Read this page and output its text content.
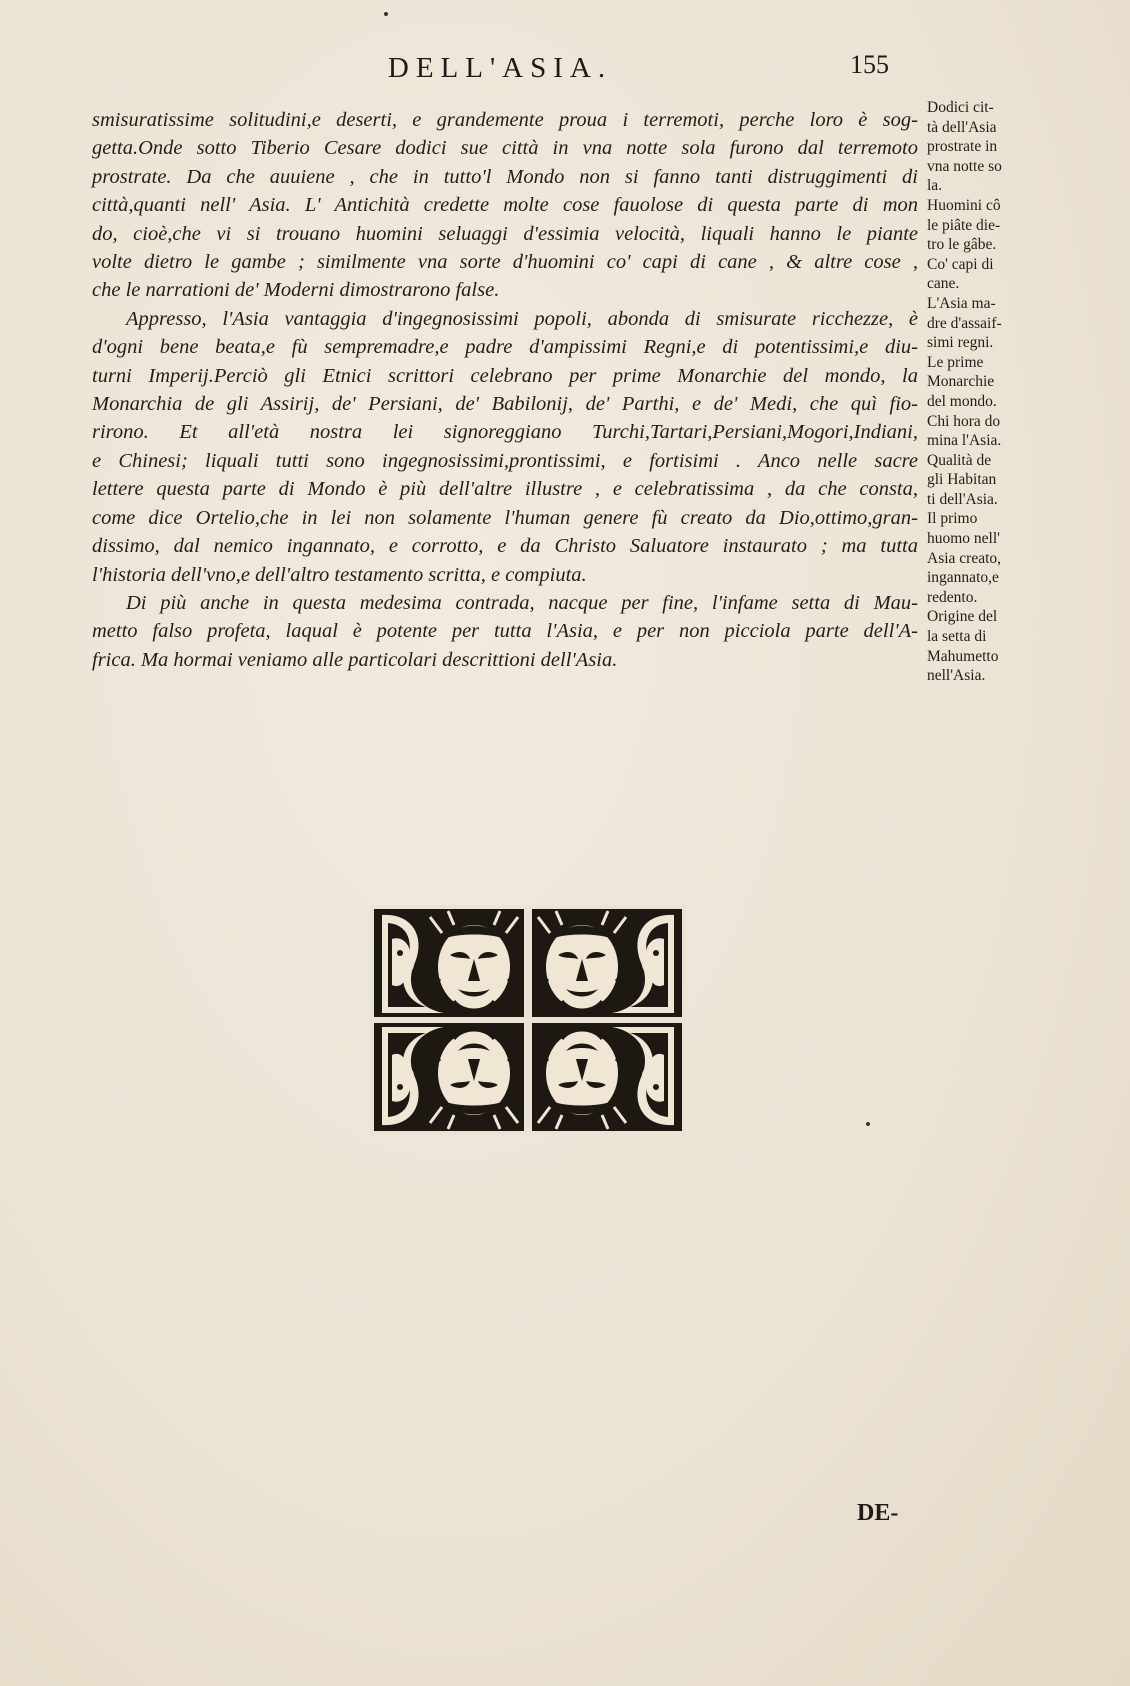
DELL'ASIA.	155

smisuratissime solitudini,e deserti, e grandemente proua i terremoti, perche loro è sog-
getta.Onde sotto Tiberio Cesare dodici sue città in vna notte sola furono dal terremoto
prostrate. Da che auuiene , che in tutto'l Mondo non si fanno tanti distruggimenti di
città,quanti nell' Asia. L' Antichità credette molte cose fauolose di questa parte di mon
do, cioè,che vi si trouano huomini seluaggi d'essimia velocità, liquali hanno le piante
volte dietro le gambe ; similmente vna sorte d'huomini co' capi di cane , & altre cose ,
che le narrationi de' Moderni dimostrarono false.

Appresso, l'Asia vantaggia d'ingegnosissimi popoli, abonda di smisurate ricchezze, è
d'ogni bene beata,e fù sempremadre,e padre d'ampissimi Regni,e di potentissimi,e diu-
turni Imperij.Perciò gli Etnici scrittori celebrano per prime Monarchie del mondo, la
Monarchia de gli Assirij, de' Persiani, de' Babilonij, de' Parthi, e de' Medi, che quì fio-
rirono. Et all'età nostra lei signoreggiano Turchi,Tartari,Persiani,Mogori,Indiani,
e Chinesi; liquali tutti sono ingegnosissimi,prontissimi, e fortisimi . Anco nelle sacre
lettere questa parte di Mondo è più dell'altre illustre , e celebratissima , da che consta,
come dice Ortelio,che in lei non solamente l'human genere fù creato da Dio,ottimo,gran-
dissimo, dal nemico ingannato, e corrotto, e da Christo Saluatore instaurato ; ma tutta
l'historia dell'vno,e dell'altro testamento scritta, e compiuta.

Di più anche in questa medesima contrada, nacque per fine, l'infame setta di Mau-
metto falso profeta, laqual è potente per tutta l'Asia, e per non picciola parte dell'A-
frica. Ma hormai veniamo alle particolari descrittioni dell'Asia.

Dodici cit-
tà dell'Asia
prostrate in
vna notte so
la.
Huomini cô
le piâte die-
tro le gâbe.
Co' capi di
cane.
L'Asia ma-
dre d'assaif-
simi regni.
Le prime
Monarchie
del mondo.
Chi hora do
mina l'Asia.
Qualità de
gli Habitan
ti dell'Asia.
Il primo
huomo nell'
Asia creato,
ingannato,e
redento.
Origine del
la setta di
Mahumetto
nell'Asia.
DE-
